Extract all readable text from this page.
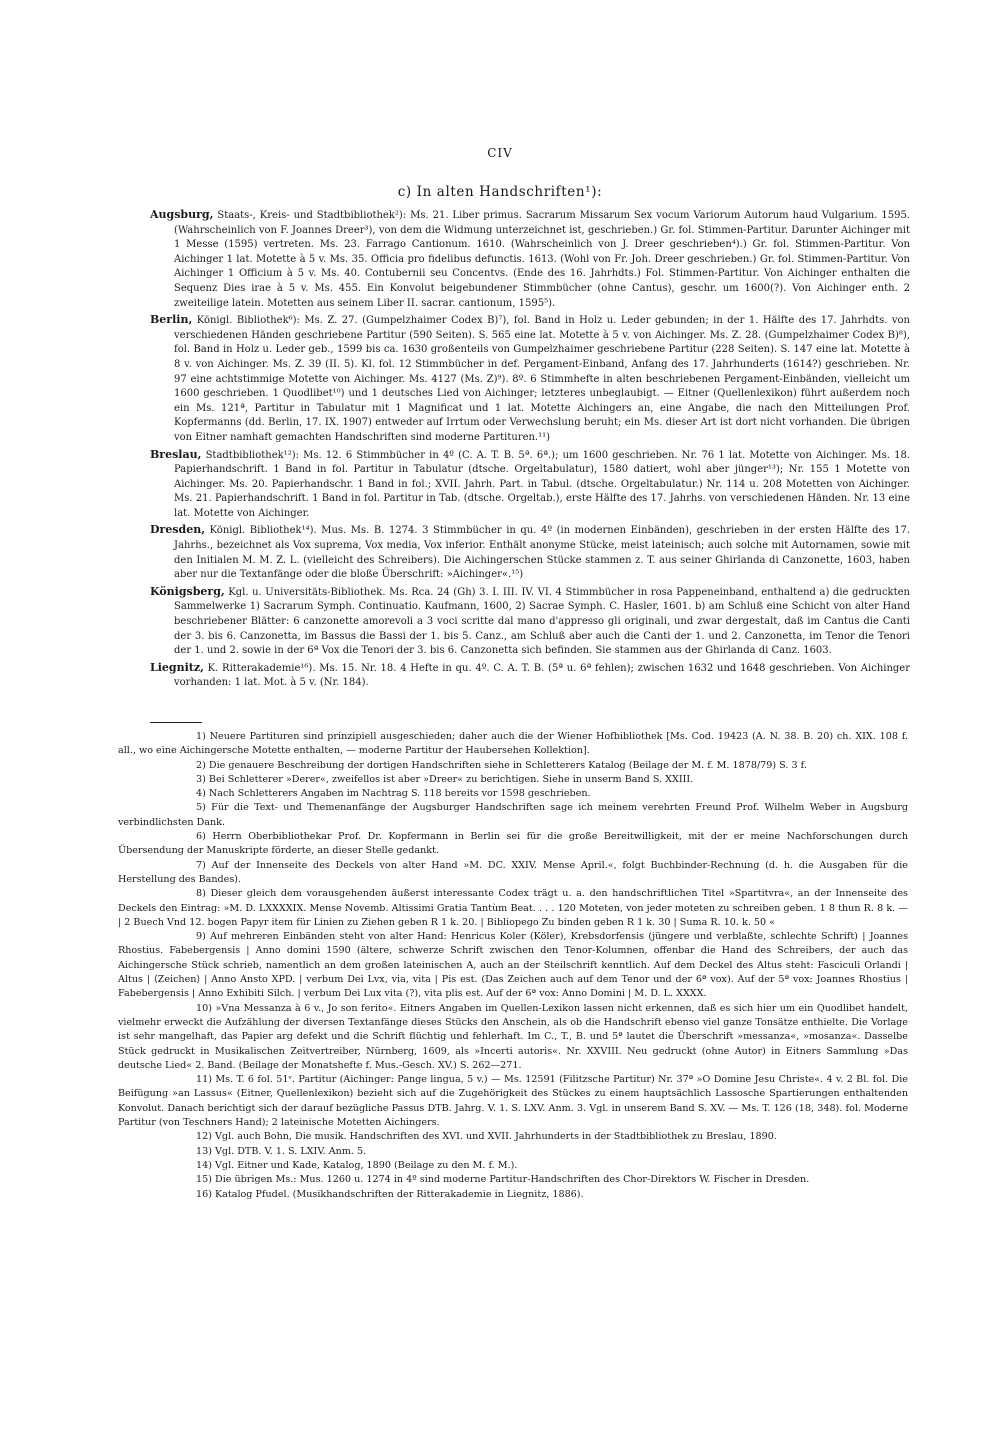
CIV
c) In alten Handschriften¹):

Augsburg, Staats-, Kreis- und Stadtbibliothek²): Ms. 21. Liber primus. Sacrarum Missarum Sex vocum Variorum Autorum haud Vulgarium. 1595. (Wahrscheinlich von F. Joannes Dreer³), von dem die Widmung unterzeichnet ist, geschrieben.) Gr. fol. Stimmen-Partitur. Darunter Aichinger mit 1 Messe (1595) vertreten. Ms. 23. Farrago Cantionum. 1610. (Wahrscheinlich von J. Dreer geschrieben⁴).) Gr. fol. Stimmen-Partitur. Von Aichinger 1 lat. Motette à 5 v. Ms. 35. Officia pro fidelibus defunctis. 1613. (Wohl von Fr. Joh. Dreer geschrieben.) Gr. fol. Stimmen-Partitur. Von Aichinger 1 Officium à 5 v. Ms. 40. Contubernii seu Concentvs. (Ende des 16. Jahrhdts.) Fol. Stimmen-Partitur. Von Aichinger enthalten die Sequenz Dies irae à 5 v. Ms. 455. Ein Konvolut beigebundener Stimmbücher (ohne Cantus), geschr. um 1600(?). Von Aichinger enth. 2 zweiteilige latein. Motetten aus seinem Liber II. sacrar. cantionum, 1595⁵).

Berlin, Königl. Bibliothek⁶): Ms. Z. 27. (Gumpelzhaimer Codex B)⁷), fol. Band in Holz u. Leder gebunden; in der 1. Hälfte des 17. Jahrhdts. von verschiedenen Händen geschriebene Partitur (590 Seiten). S. 565 eine lat. Motette à 5 v. von Aichinger. Ms. Z. 28. (Gumpelzhaimer Codex B)⁸), fol. Band in Holz u. Leder geb., 1599 bis ca. 1630 großenteils von Gumpelzhaimer geschriebene Partitur (228 Seiten). S. 147 eine lat. Motette à 8 v. von Aichinger. Ms. Z. 39 (II. 5). Kl. fol. 12 Stimmbücher in def. Pergament-Einband, Anfang des 17. Jahrhunderts (1614?) geschrieben. Nr. 97 eine achtstimmige Motette von Aichinger. Ms. 4127 (Ms. Z)⁹). 8º. 6 Stimmhefte in alten beschriebenen Pergament-Einbänden, vielleicht um 1600 geschrieben. 1 Quodlibet¹⁰) und 1 deutsches Lied von Aichinger; letzteres unbeglaubigt. — Eitner (Quellenlexikon) führt außerdem noch ein Ms. 121ª, Partitur in Tabulatur mit 1 Magnificat und 1 lat. Motette Aichingers an, eine Angabe, die nach den Mitteilungen Prof. Kopfermanns (dd. Berlin, 17. IX. 1907) entweder auf Irrtum oder Verwechslung beruht; ein Ms. dieser Art ist dort nicht vorhanden. Die übrigen von Eitner namhaft gemachten Handschriften sind moderne Partituren.¹¹)

Breslau, Stadtbibliothek¹²): Ms. 12. 6 Stimmbücher in 4º (C. A. T. B. 5ª. 6ª.); um 1600 geschrieben. Nr. 76 1 lat. Motette von Aichinger. Ms. 18. Papierhandschrift. 1 Band in fol. Partitur in Tabulatur (dtsche. Orgeltabulatur), 1580 datiert, wohl aber jünger¹³); Nr. 155 1 Motette von Aichinger. Ms. 20. Papierhandschr. 1 Band in fol.; XVII. Jahrh. Part. in Tabul. (dtsche. Orgeltabulatur.) Nr. 114 u. 208 Motetten von Aichinger. Ms. 21. Papierhandschrift. 1 Band in fol. Partitur in Tab. (dtsche. Orgeltab.), erste Hälfte des 17. Jahrhs. von verschiedenen Händen. Nr. 13 eine lat. Motette von Aichinger.

Dresden, Königl. Bibliothek¹⁴). Mus. Ms. B. 1274. 3 Stimmbücher in qu. 4º (in modernen Einbänden), geschrieben in der ersten Hälfte des 17. Jahrhs., bezeichnet als Vox suprema, Vox media, Vox inferior. Enthält anonyme Stücke, meist lateinisch; auch solche mit Autornamen, sowie mit den Initialen M. M. Z. L. (vielleicht des Schreibers). Die Aichingerschen Stücke stammen z. T. aus seiner Ghirlanda di Canzonette, 1603, haben aber nur die Textanfänge oder die bloße Überschrift: »Aichinger«.¹⁵)

Königsberg, Kgl. u. Universitäts-Bibliothek. Ms. Rca. 24 (Gh) 3. I. III. IV. VI. 4 Stimmbücher in rosa Pappeneinband, enthaltend a) die gedruckten Sammelwerke 1) Sacrarum Symph. Continuatio. Kaufmann, 1600, 2) Sacrae Symph. C. Hasler, 1601. b) am Schluß eine Schicht von alter Hand beschriebener Blätter: 6 canzonette amorevoli a 3 voci scritte dal mano d'appresso gli originali, und zwar dergestalt, daß im Cantus die Canti der 3. bis 6. Canzonetta, im Bassus die Bassi der 1. bis 5. Canz., am Schluß aber auch die Canti der 1. und 2. Canzonetta, im Tenor die Tenori der 1. und 2. sowie in der 6ª Vox die Tenori der 3. bis 6. Canzonetta sich befinden. Sie stammen aus der Ghirlanda di Canz. 1603.

Liegnitz, K. Ritterakademie¹⁶). Ms. 15. Nr. 18. 4 Hefte in qu. 4º. C. A. T. B. (5ª u. 6ª fehlen); zwischen 1632 und 1648 geschrieben. Von Aichinger vorhanden: 1 lat. Mot. à 5 v. (Nr. 184).

1) Neuere Partituren sind prinzipiell ausgeschieden; daher auch die der Wiener Hofbibliothek [Ms. Cod. 19423 (A. N. 38. B. 20) ch. XIX. 108 f. all., wo eine Aichingersche Motette enthalten, — moderne Partitur der Haubersehen Kollektion].

2) Die genauere Beschreibung der dortigen Handschriften siehe in Schletterers Katalog (Beilage der M. f. M. 1878/79) S. 3 f.

3) Bei Schletterer »Derer«, zweifellos ist aber »Dreer« zu berichtigen. Siehe in unserm Band S. XXIII.

4) Nach Schletterers Angaben im Nachtrag S. 118 bereits vor 1598 geschrieben.

5) Für die Text- und Themenanfänge der Augsburger Handschriften sage ich meinem verehrten Freund Prof. Wilhelm Weber in Augsburg verbindlichsten Dank.

6) Herrn Oberbibliothekar Prof. Dr. Kopfermann in Berlin sei für die große Bereitwilligkeit, mit der er meine Nachforschungen durch Übersendung der Manuskripte förderte, an dieser Stelle gedankt.

7) Auf der Innenseite des Deckels von alter Hand »M. DC. XXIV. Mense April.«, folgt Buchbinder-Rechnung (d. h. die Ausgaben für die Herstellung des Bandes).

8) Dieser gleich dem vorausgehenden äußerst interessante Codex trägt u. a. den handschriftlichen Titel »Spartitvra«, an der Innenseite des Deckels den Eintrag: »M. D. LXXXXIX. Mense Novemb. Altissimi Gratia Tantùm Beat. . . . 120 Moteten, von jeder moteten zu schreiben geben. 1 8 thun R. 8 k. — | 2 Buech Vnd 12. bogen Papyr item für Linien zu Ziehen geben R 1 k. 20. | Bibliopego Zu binden geben R 1 k. 30 | Suma R. 10. k. 50 «

9) Auf mehreren Einbänden steht von alter Hand: Henricus Koler (Köler), Krebsdorfensis (jüngere und verblaßte, schlechte Schrift) | Joannes Rhostius. Fabebergensis | Anno domini 1590 (ältere, schwerze Schrift zwischen den Tenor-Kolumnen, offenbar die Hand des Schreibers, der auch das Aichingersche Stück schrieb, namentlich an dem großen lateinischen A, auch an der Steilschrift kenntlich. Auf dem Deckel des Altus steht: Fasciculi Orlandi | Altus | ⟨Zeichen⟩ | Anno Ansto XPD. | verbum Dei Lvx, via, vita | Pis est. (Das Zeichen auch auf dem Tenor und der 6ª vox). Auf der 5ª vox: Joannes Rhostius | Fabebergensis | Anno Exhibiti Silch. | verbum Dei Lux vita (?), vita plis est. Auf der 6ª vox: Anno Domini | M. D. L. XXXX.

10) »Vna Messanza à 6 v., Jo son ferito«. Eitners Angaben im Quellen-Lexikon lassen nicht erkennen, daß es sich hier um ein Quodlibet handelt, vielmehr erweckt die Aufzählung der diversen Textanfänge dieses Stücks den Anschein, als ob die Handschrift ebenso viel ganze Tonsätze enthielte. Die Vorlage ist sehr mangelhaft, das Papier arg defekt und die Schrift flüchtig und fehlerhaft. Im C., T., B. und 5ª lautet die Überschrift »messanza«, »mosanza«. Dasselbe Stück gedruckt in Musikalischen Zeitvertreiber, Nürnberg, 1609, als »Incerti autoris«. Nr. XXVIII. Neu gedruckt (ohne Autor) in Eitners Sammlung »Das deutsche Lied« 2. Band. (Beilage der Monatshefte f. Mus.-Gesch. XV.) S. 262—271.

11) Ms. T. 6 fol. 51ᵛ. Partitur (Aichinger: Pange lingua, 5 v.) — Ms. 12591 (Filitzsche Partitur) Nr. 37ª »O Domine Jesu Christe«. 4 v. 2 Bl. fol. Die Beifügung »an Lassus« (Eitner, Quellenlexikon) bezieht sich auf die Zugehörigkeit des Stückes zu einem hauptsächlich Lassosche Spartierungen enthaltenden Konvolut. Danach berichtigt sich der darauf bezügliche Passus DTB. Jahrg. V. 1. S. LXV. Anm. 3. Vgl. in unserem Band S. XV. — Ms. T. 126 (18, 348). fol. Moderne Partitur (von Teschners Hand); 2 lateinische Motetten Aichingers.

12) Vgl. auch Bohn, Die musik. Handschriften des XVI. und XVII. Jahrhunderts in der Stadtbibliothek zu Breslau, 1890.

13) Vgl. DTB. V. 1. S. LXIV. Anm. 5.

14) Vgl. Eitner und Kade, Katalog, 1890 (Beilage zu den M. f. M.).

15) Die übrigen Ms.: Mus. 1260 u. 1274 in 4º sind moderne Partitur-Handschriften des Chor-Direktors W. Fischer in Dresden.

16) Katalog Pfudel. (Musikhandschriften der Ritterakademie in Liegnitz, 1886).
